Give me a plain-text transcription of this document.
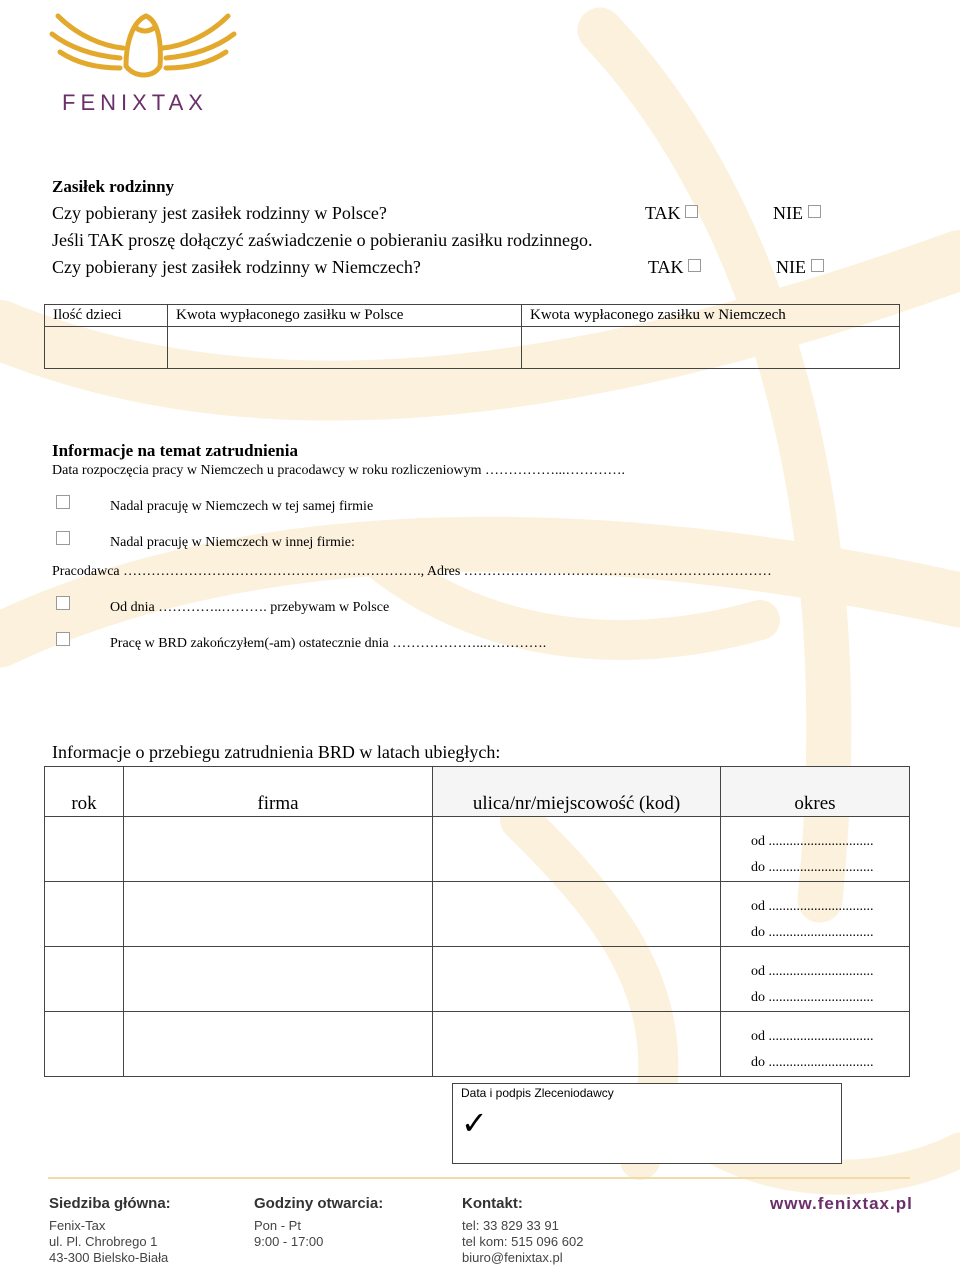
FENIXTAX
Zasiłek rodzinny
Czy pobierany jest zasiłek rodzinny w Polsce?	TAK	NIE
Jeśli TAK proszę dołączyć zaświadczenie o pobieraniu zasiłku rodzinnego.
Czy pobierany jest zasiłek rodzinny w Niemczech?	TAK	NIE
Ilość dzieci	Kwota wypłaconego zasiłku w Polsce	Kwota wypłaconego zasiłku w Niemczech

Informacje na temat zatrudnienia
Data rozpoczęcia pracy w Niemczech u pracodawcy w roku rozliczeniowym ……………...………….
Nadal pracuję w Niemczech w tej samej firmie
Nadal pracuję w Niemczech w innej firmie:
Pracodawca ………………………………………………………., Adres …………………………………………………………
Od dnia …………..………. przebywam w Polsce
Pracę w BRD zakończyłem(-am) ostatecznie dnia ………………...………….
Informacje o przebiegu zatrudnienia BRD w latach ubiegłych:
rok	firma	ulica/nr/miejscowość (kod)	okres

			od ..............................
do ..............................

			od ..............................
do ..............................

			od ..............................
do ..............................

			od ..............................
do ..............................
Data i podpis Zleceniodawcy
✓
Siedziba główna:
Fenix-Tax
ul. Pl. Chrobrego 1
43-300 Bielsko-Biała
Godziny otwarcia:
Pon - Pt
9:00 - 17:00
Kontakt:
tel: 33 829 33 91
tel kom: 515 096 602
biuro@fenixtax.pl
www.fenixtax.pl
